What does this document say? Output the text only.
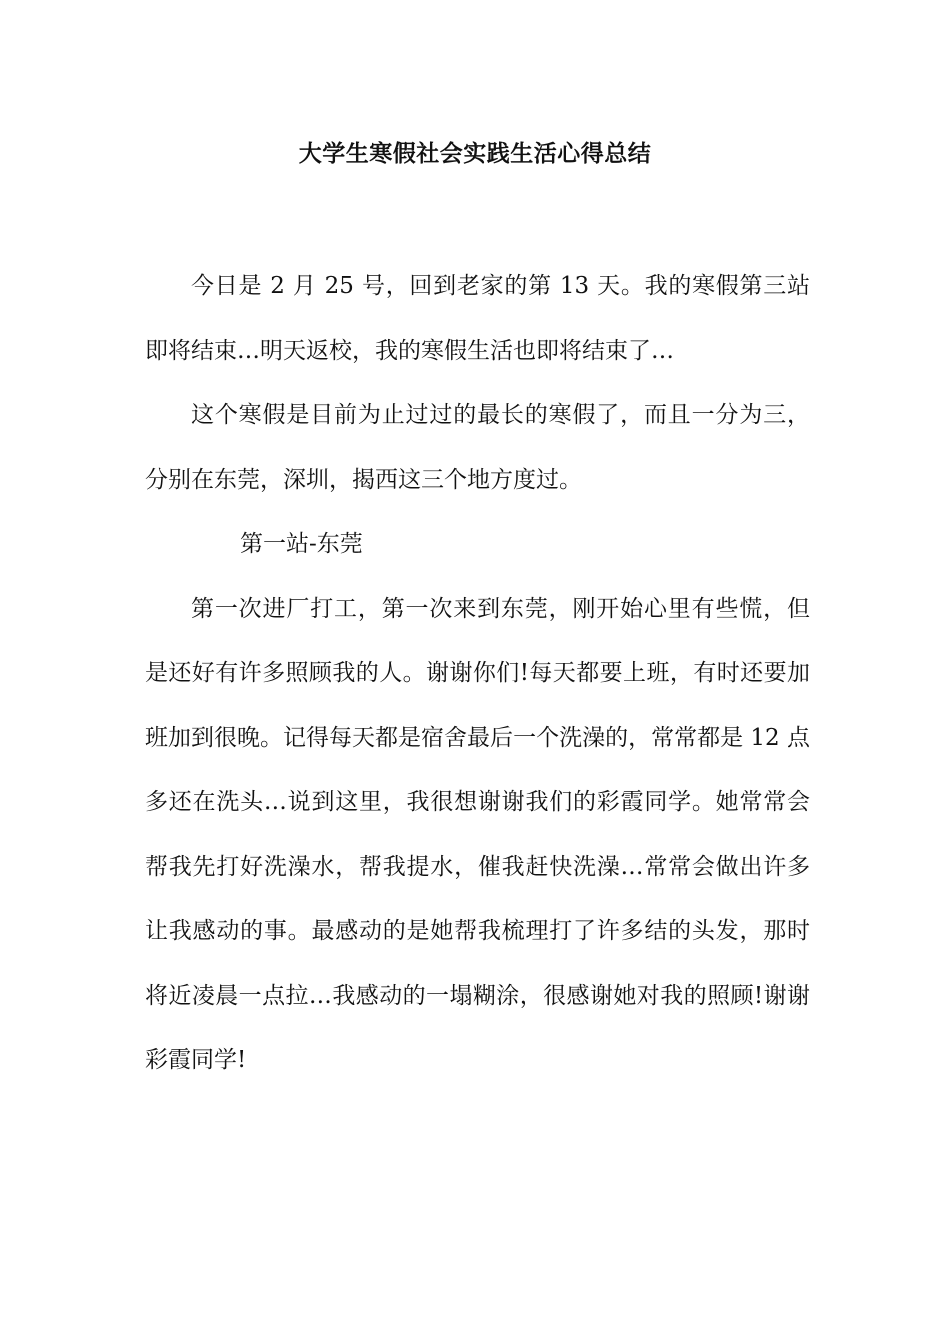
大学生寒假社会实践生活心得总结

今日是 2 月 25 号，回到老家的第 13 天。我的寒假第三站即将结束…明天返校，我的寒假生活也即将结束了…

这个寒假是目前为止过过的最长的寒假了，而且一分为三，分别在东莞，深圳，揭西这三个地方度过。

第一站-东莞

第一次进厂打工，第一次来到东莞，刚开始心里有些慌，但是还好有许多照顾我的人。谢谢你们!每天都要上班，有时还要加班加到很晚。记得每天都是宿舍最后一个洗澡的，常常都是 12 点多还在洗头…说到这里，我很想谢谢我们的彩霞同学。她常常会帮我先打好洗澡水，帮我提水，催我赶快洗澡…常常会做出许多让我感动的事。最感动的是她帮我梳理打了许多结的头发，那时将近凌晨一点拉…我感动的一塌糊涂，很感谢她对我的照顾!谢谢彩霞同学!
